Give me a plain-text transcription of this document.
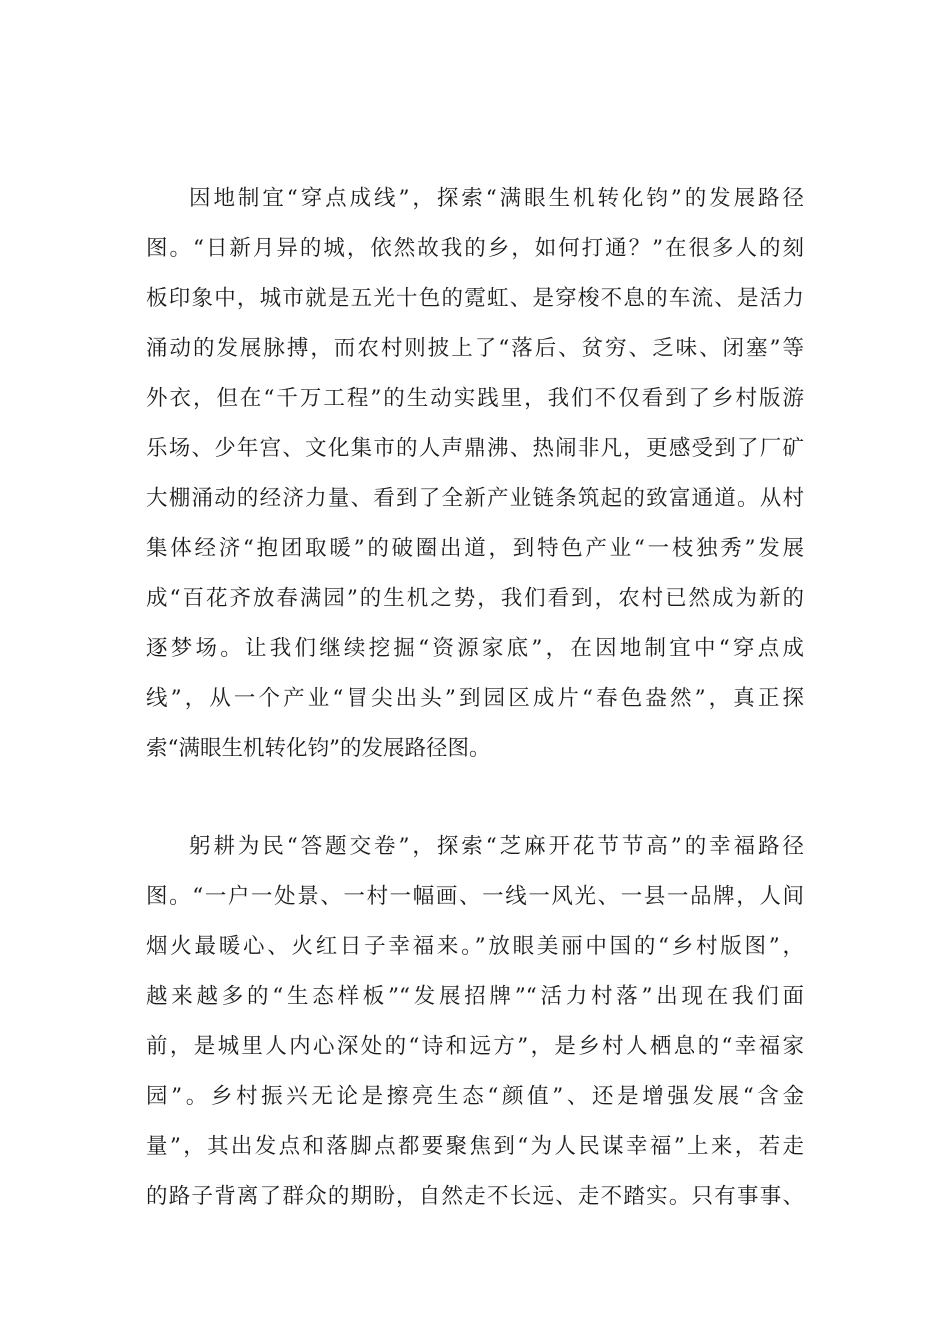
因地制宜“穿点成线”，探索“满眼生机转化钧”的发展路径
图。“日新月异的城，依然故我的乡，如何打通？”在很多人的刻
板印象中，城市就是五光十色的霓虹、是穿梭不息的车流、是活力
涌动的发展脉搏，而农村则披上了“落后、贫穷、乏味、闭塞”等
外衣，但在“千万工程”的生动实践里，我们不仅看到了乡村版游
乐场、少年宫、文化集市的人声鼎沸、热闹非凡，更感受到了厂矿
大棚涌动的经济力量、看到了全新产业链条筑起的致富通道。从村
集体经济“抱团取暖”的破圈出道，到特色产业“一枝独秀”发展
成“百花齐放春满园”的生机之势，我们看到，农村已然成为新的
逐梦场。让我们继续挖掘“资源家底”，在因地制宜中“穿点成
线”，从一个产业“冒尖出头”到园区成片“春色盎然”，真正探
索“满眼生机转化钧”的发展路径图。
躬耕为民“答题交卷”，探索“芝麻开花节节高”的幸福路径
图。“一户一处景、一村一幅画、一线一风光、一县一品牌，人间
烟火最暖心、火红日子幸福来。”放眼美丽中国的“乡村版图”，
越来越多的“生态样板”“发展招牌”“活力村落”出现在我们面
前，是城里人内心深处的“诗和远方”，是乡村人栖息的“幸福家
园”。乡村振兴无论是擦亮生态“颜值”、还是增强发展“含金
量”，其出发点和落脚点都要聚焦到“为人民谋幸福”上来，若走
的路子背离了群众的期盼，自然走不长远、走不踏实。只有事事、
